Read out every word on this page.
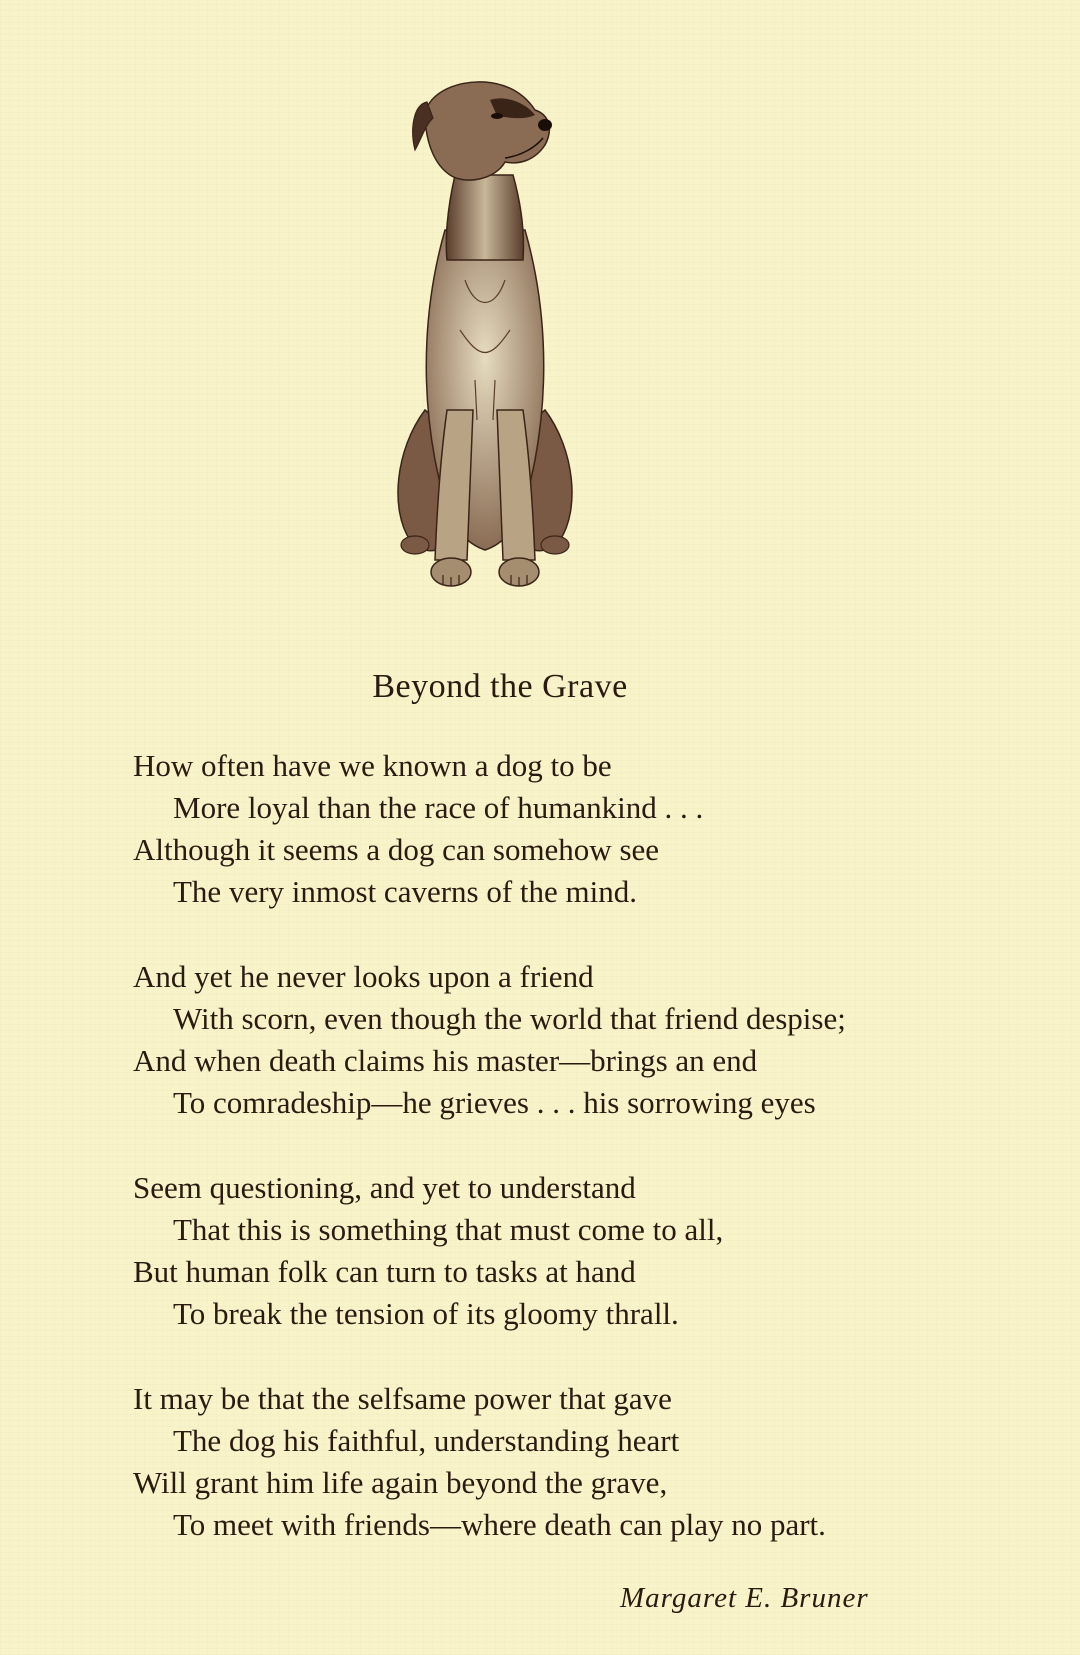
Beyond the Grave
How often have we known a dog to be
More loyal than the race of humankind . . .
Although it seems a dog can somehow see
The very inmost caverns of the mind.
And yet he never looks upon a friend
With scorn, even though the world that friend despise;
And when death claims his master—brings an end
To comradeship—he grieves . . . his sorrowing eyes
Seem questioning, and yet to understand
That this is something that must come to all,
But human folk can turn to tasks at hand
To break the tension of its gloomy thrall.
It may be that the selfsame power that gave
The dog his faithful, understanding heart
Will grant him life again beyond the grave,
To meet with friends—where death can play no part.
Margaret E. Bruner
